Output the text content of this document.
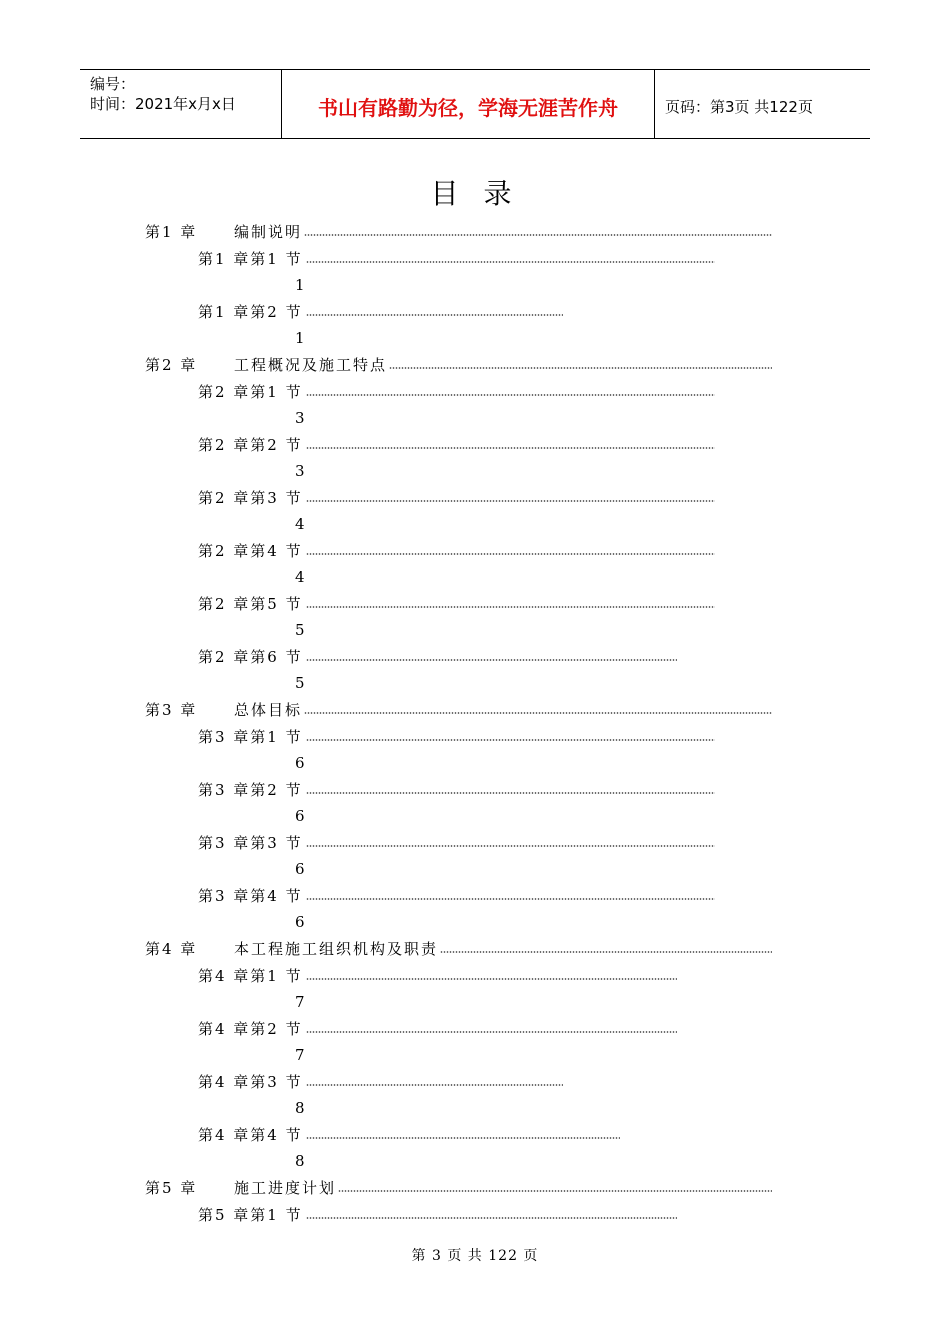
编号：
时间：2021年x月x日	书山有路勤为径，学海无涯苦作舟	页码：第3页 共122页
目 录
第1 章 编制说明
第1 章第1 节
1
第1 章第2 节
1
第2 章 工程概况及施工特点
第2 章第1 节
3
第2 章第2 节
3
第2 章第3 节
4
第2 章第4 节
4
第2 章第5 节
5
第2 章第6 节
5
第3 章 总体目标
第3 章第1 节
6
第3 章第2 节
6
第3 章第3 节
6
第3 章第4 节
6
第4 章 本工程施工组织机构及职责
第4 章第1 节
7
第4 章第2 节
7
第4 章第3 节
8
第4 章第4 节
8
第5 章 施工进度计划
第5 章第1 节
第 3 页 共 122 页
